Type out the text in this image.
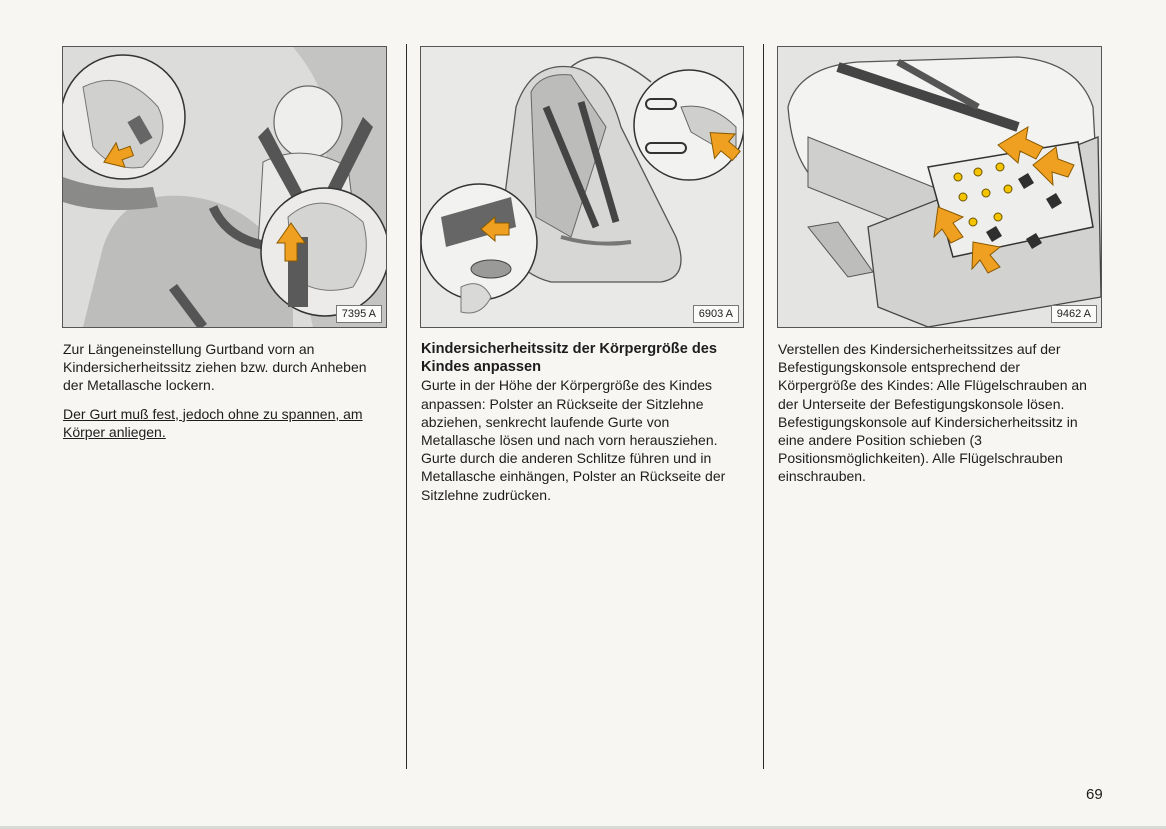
7395 A	6903 A	9462 A

Zur Längeneinstellung Gurtband vorn an Kindersicherheitssitz ziehen bzw. durch Anheben der Metallasche lockern.

Der Gurt muß fest, jedoch ohne zu spannen, am Körper anliegen.

Kindersicherheitssitz der Körpergröße des Kindes anpassen

Gurte in der Höhe der Körpergröße des Kindes anpassen: Polster an Rückseite der Sitzlehne abziehen, senkrecht laufende Gurte von Metallasche lösen und nach vorn herausziehen. Gurte durch die anderen Schlitze führen und in Metallasche einhängen, Polster an Rückseite der Sitzlehne zudrücken.

Verstellen des Kindersicherheitssitzes auf der Befestigungskonsole entsprechend der Körpergröße des Kindes: Alle Flügelschrauben an der Unterseite der Befestigungskonsole lösen. Befestigungskonsole auf Kindersicherheitssitz in eine andere Position schieben (3 Positionsmöglichkeiten). Alle Flügelschrauben einschrauben.

69
